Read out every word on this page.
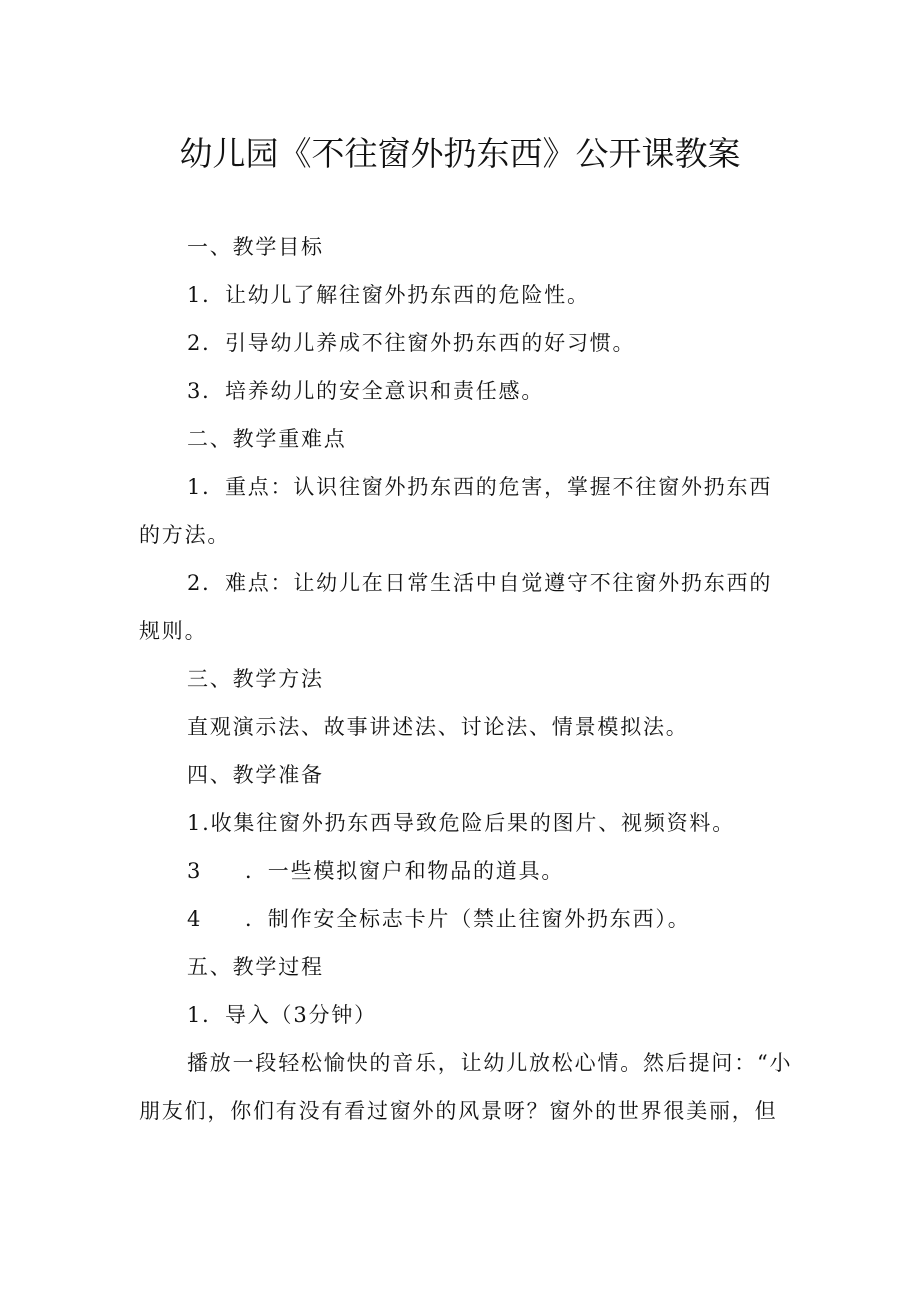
幼儿园《不往窗外扔东西》公开课教案
一、教学目标
1．让幼儿了解往窗外扔东西的危险性。
2．引导幼儿养成不往窗外扔东西的好习惯。
3．培养幼儿的安全意识和责任感。
二、教学重难点
1．重点：认识往窗外扔东西的危害，掌握不往窗外扔东西
的方法。
2．难点：让幼儿在日常生活中自觉遵守不往窗外扔东西的
规则。
三、教学方法
直观演示法、故事讲述法、讨论法、情景模拟法。
四、教学准备
1.收集往窗外扔东西导致危险后果的图片、视频资料。
3 ．一些模拟窗户和物品的道具。
4 ．制作安全标志卡片（禁止往窗外扔东西）。
五、教学过程
1．导入（3分钟）
播放一段轻松愉快的音乐，让幼儿放松心情。然后提问：“小
朋友们，你们有没有看过窗外的风景呀？窗外的世界很美丽，但
